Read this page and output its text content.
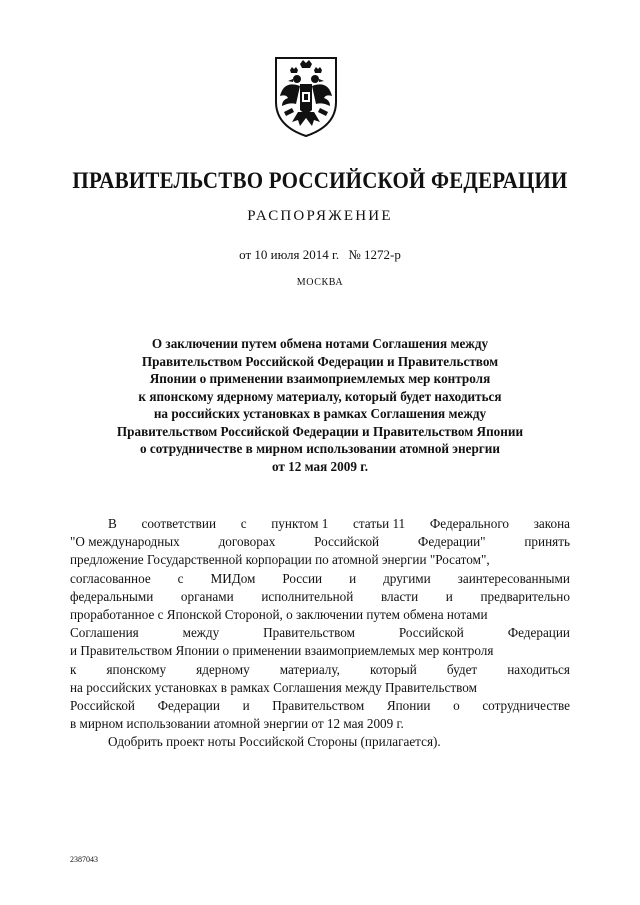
ПРАВИТЕЛЬСТВО РОССИЙСКОЙ ФЕДЕРАЦИИ
РАСПОРЯЖЕНИЕ
от 10 июля 2014 г. № 1272-р
МОСКВА
О заключении путем обмена нотами Соглашения между
Правительством Российской Федерации и Правительством
Японии о применении взаимоприемлемых мер контроля
к японскому ядерному материалу, который будет находиться
на российских установках в рамках Соглашения между
Правительством Российской Федерации и Правительством Японии
о сотрудничестве в мирном использовании атомной энергии
от 12 мая 2009 г.
В соответствии с пунктом 1 статьи 11 Федерального закона
"О международных	договорах	Российской	Федерации"	принять
предложение Государственной корпорации по атомной энергии "Росатом",
согласованное с МИДом России и другими заинтересованными
федеральными органами исполнительной власти и предварительно
проработанное с Японской Стороной, о заключении путем обмена нотами
Соглашения	между	Правительством	Российской	Федерации
и Правительством Японии о применении взаимоприемлемых мер контроля
к японскому ядерному материалу, который будет находиться
на российских установках в рамках Соглашения между Правительством
Российской Федерации и Правительством Японии о сотрудничестве
в мирном использовании атомной энергии от 12 мая 2009 г.
Одобрить проект ноты Российской Стороны (прилагается).
2387043
